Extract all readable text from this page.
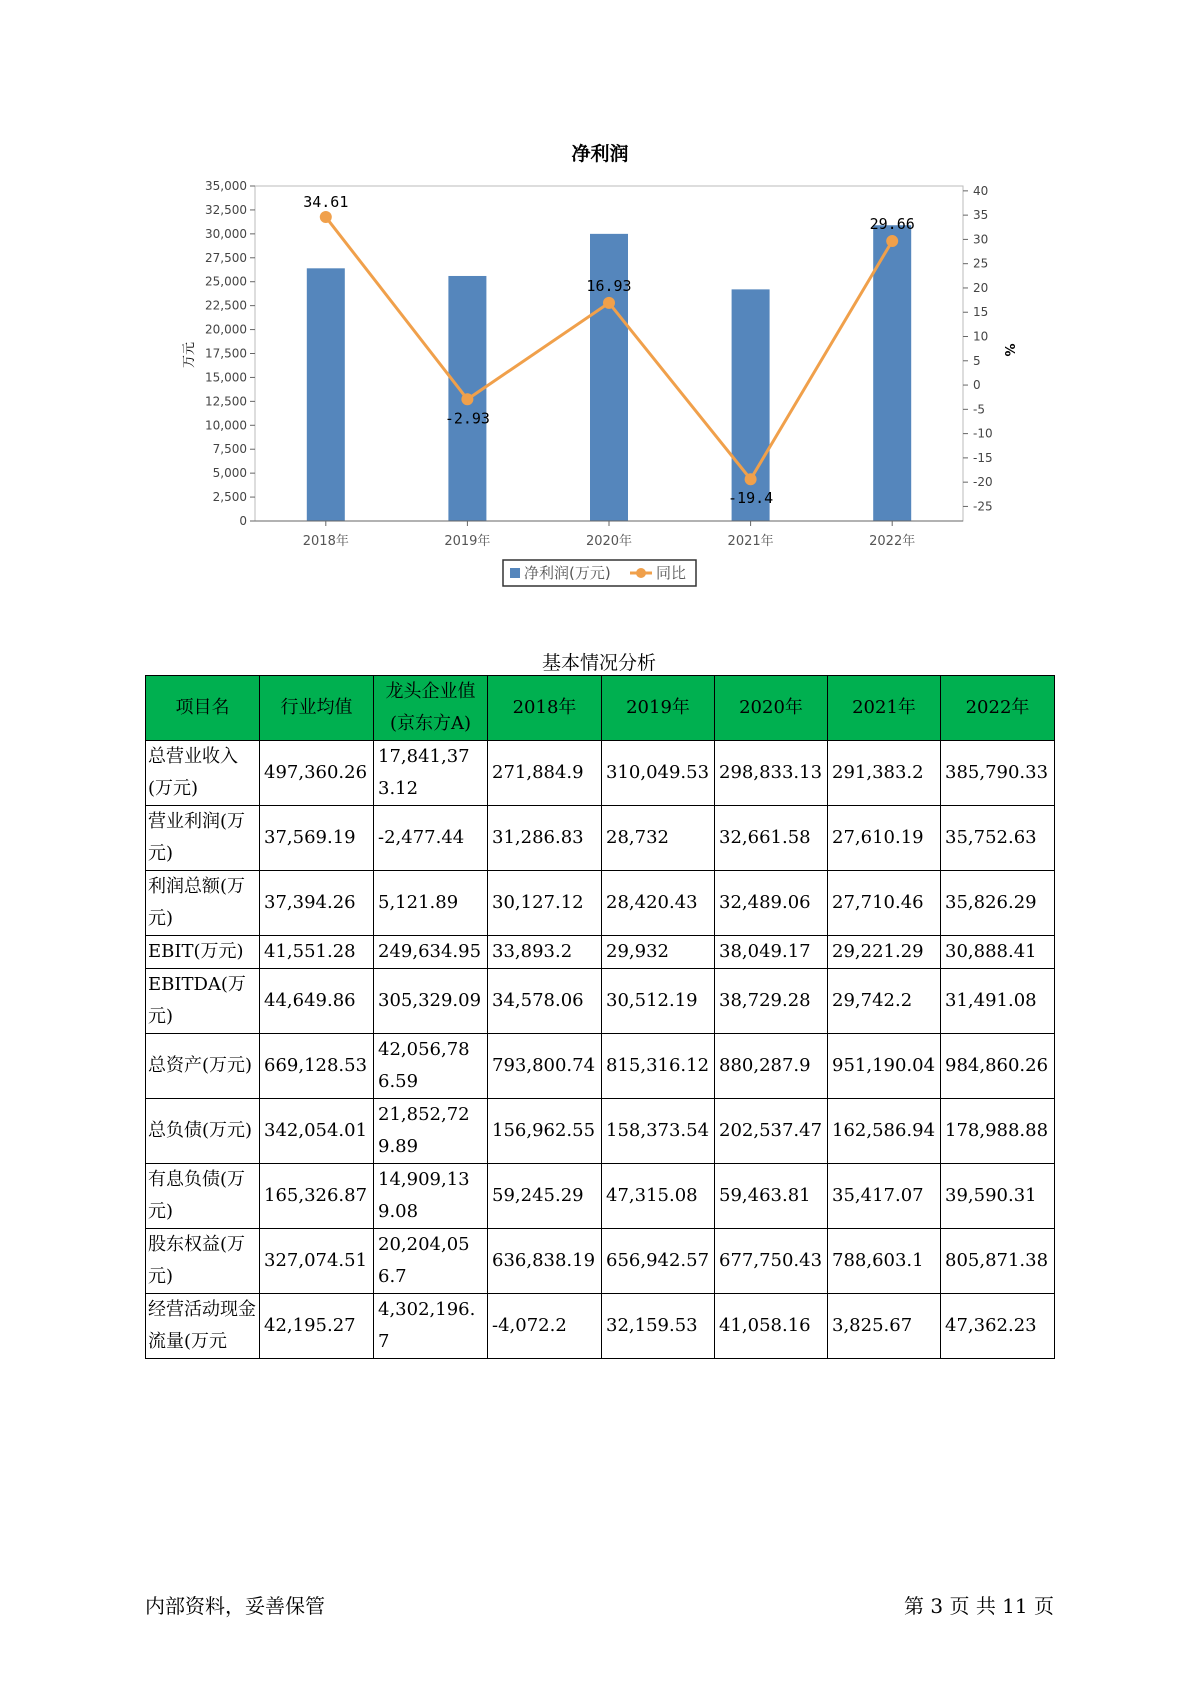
净利润
34.61
-2.93
16.93
-19.4
29.66
0
2,500
5,000
7,500
10,000
12,500
15,000
17,500
20,000
22,500
25,000
27,500
30,000
32,500
35,000
-25
-20
-15
-10
-5
0
5
10
15
20
25
30
35
40
2018年	2019年	2020年	2021年	2022年
万元	%
净利润(万元)	同比
基本情况分析
项目名	行业均值	龙头企业值(京东方A)	2018年	2019年	2020年	2021年	2022年
总营业收入(万元)	497,360.26	17,841,373.12	271,884.9	310,049.53	298,833.13	291,383.2	385,790.33
营业利润(万元)	37,569.19	-2,477.44	31,286.83	28,732	32,661.58	27,610.19	35,752.63
利润总额(万元)	37,394.26	5,121.89	30,127.12	28,420.43	32,489.06	27,710.46	35,826.29
EBIT(万元)	41,551.28	249,634.95	33,893.2	29,932	38,049.17	29,221.29	30,888.41
EBITDA(万元)	44,649.86	305,329.09	34,578.06	30,512.19	38,729.28	29,742.2	31,491.08
总资产(万元)	669,128.53	42,056,786.59	793,800.74	815,316.12	880,287.9	951,190.04	984,860.26
总负债(万元)	342,054.01	21,852,729.89	156,962.55	158,373.54	202,537.47	162,586.94	178,988.88
有息负债(万元)	165,326.87	14,909,139.08	59,245.29	47,315.08	59,463.81	35,417.07	39,590.31
股东权益(万元)	327,074.51	20,204,056.7	636,838.19	656,942.57	677,750.43	788,603.1	805,871.38
经营活动现金流量(万元	42,195.27	4,302,196.7	-4,072.2	32,159.53	41,058.16	3,825.67	47,362.23
内部资料，妥善保管	第 3 页 共 11 页
